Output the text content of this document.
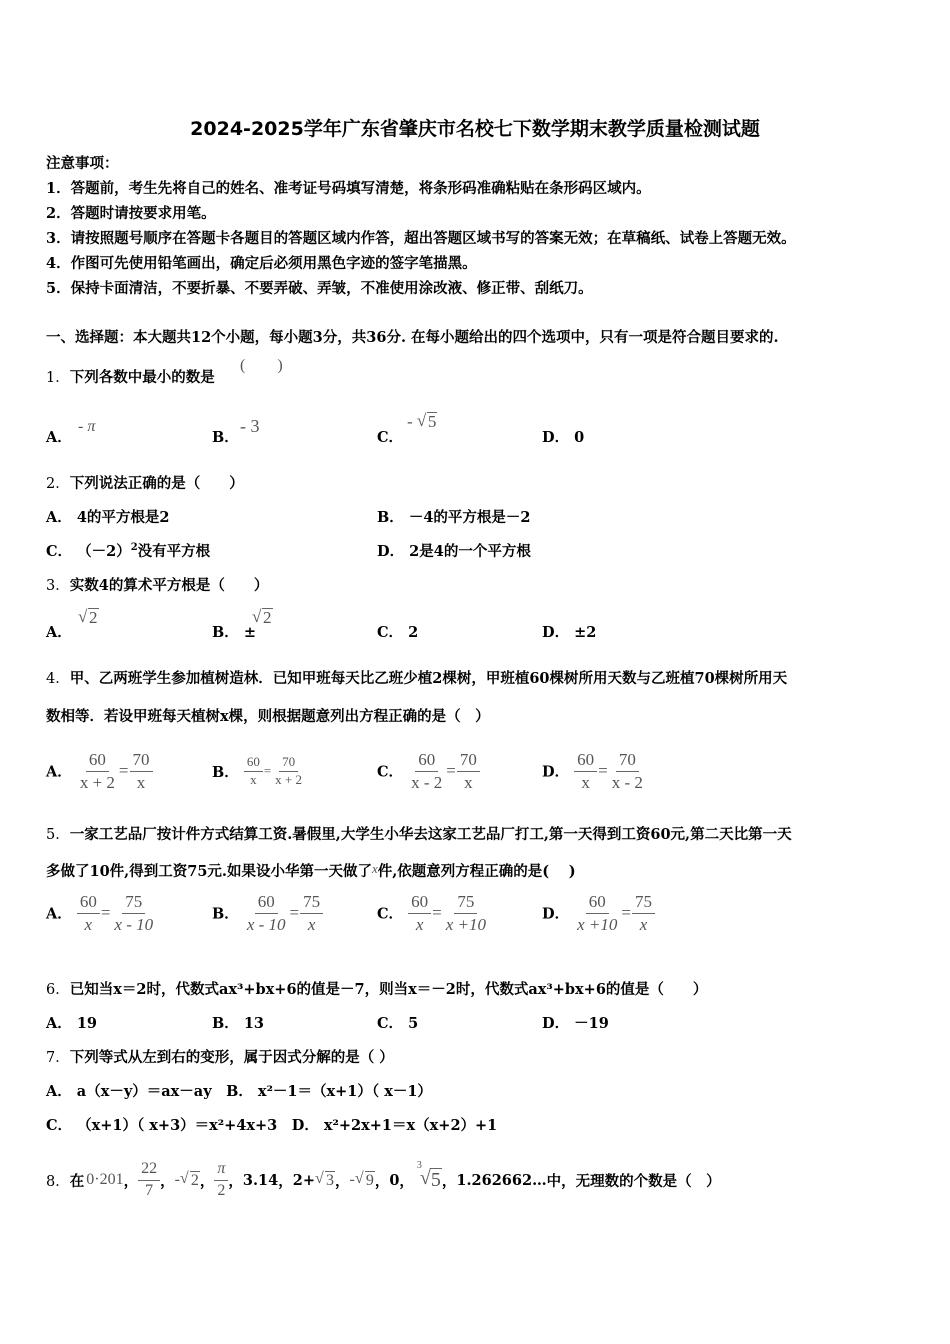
2024-2025学年广东省肇庆市名校七下数学期末教学质量检测试题
注意事项：
1．答题前，考生先将自己的姓名、准考证号码填写清楚，将条形码准确粘贴在条形码区域内。
2．答题时请按要求用笔。
3．请按照题号顺序在答题卡各题目的答题区域内作答，超出答题区域书写的答案无效；在草稿纸、试卷上答题无效。
4．作图可先使用铅笔画出，确定后必须用黑色字迹的签字笔描黑。
5．保持卡面清洁，不要折暴、不要弄破、弄皱，不准使用涂改液、修正带、刮纸刀。
一、选择题：本大题共12个小题，每小题3分，共36分. 在每小题给出的四个选项中，只有一项是符合题目要求的.
1．下列各数中最小的数是
(　　)
A．
- π
B．
- 3
C．
- √ 5
D． 0
2．下列说法正确的是（　　）
A． 4的平方根是2	B． －4的平方根是－2
C． $(-2)^2$没有平方根	D． 2是4的一个平方根
3．实数4的算术平方根是（　　）
A．
√ 2
B． ±
√ 2
C． 2	D． ±2
4．甲、乙两班学生参加植树造林．已知甲班每天比乙班少植2棵树，甲班植60棵树所用天数与乙班植70棵树所用天
数相等．若设甲班每天植树x棵，则根据题意列出方程正确的是（　）
A． $\frac{60}{x + 2} = \frac{70}{x}$	B． $\frac{60}{x} = \frac{70}{x + 2}$	C． $\frac{60}{x - 2} = \frac{70}{x}$	D． $\frac{60}{x} = \frac{70}{x - 2}$
5．一家工艺品厂按计件方式结算工资.暑假里,大学生小华去这家工艺品厂打工,第一天得到工资60元,第二天比第一天
多做了10件,得到工资75元.如果设小华第一天做了x件,依题意列方程正确的是(　 )
A． $\frac{60}{x} = \frac{75}{x - 10}$	B． $\frac{60}{x - 10} = \frac{75}{x}$	C． $\frac{60}{x} = \frac{75}{x +10}$	D． $\frac{60}{x +10} = \frac{75}{x}$
6．已知当x＝2时，代数式ax³+bx+6的值是－7，则当x＝－2时，代数式ax³+bx+6的值是（　　）
A． 19	B． 13	C． 5	D． －19
7．下列等式从左到右的变形，属于因式分解的是（ ）
A． a（x－y）＝ax－ay　B． x²－1＝（x+1）（ x－1）
C． （x+1）（ x+3）＝x²+4x+3　D． x²+2x+1＝x（x+2）+1
8． 在 0·201 ， $\frac{22}{7}$ ， - √ 2 ， $\frac{\pi}{2}$ ， 3.14 ， 2+ √ 3 ， - √ 9 ， 0 ，
3
√ 5 ， 1.262662… 中，无理数的个数是（　）
